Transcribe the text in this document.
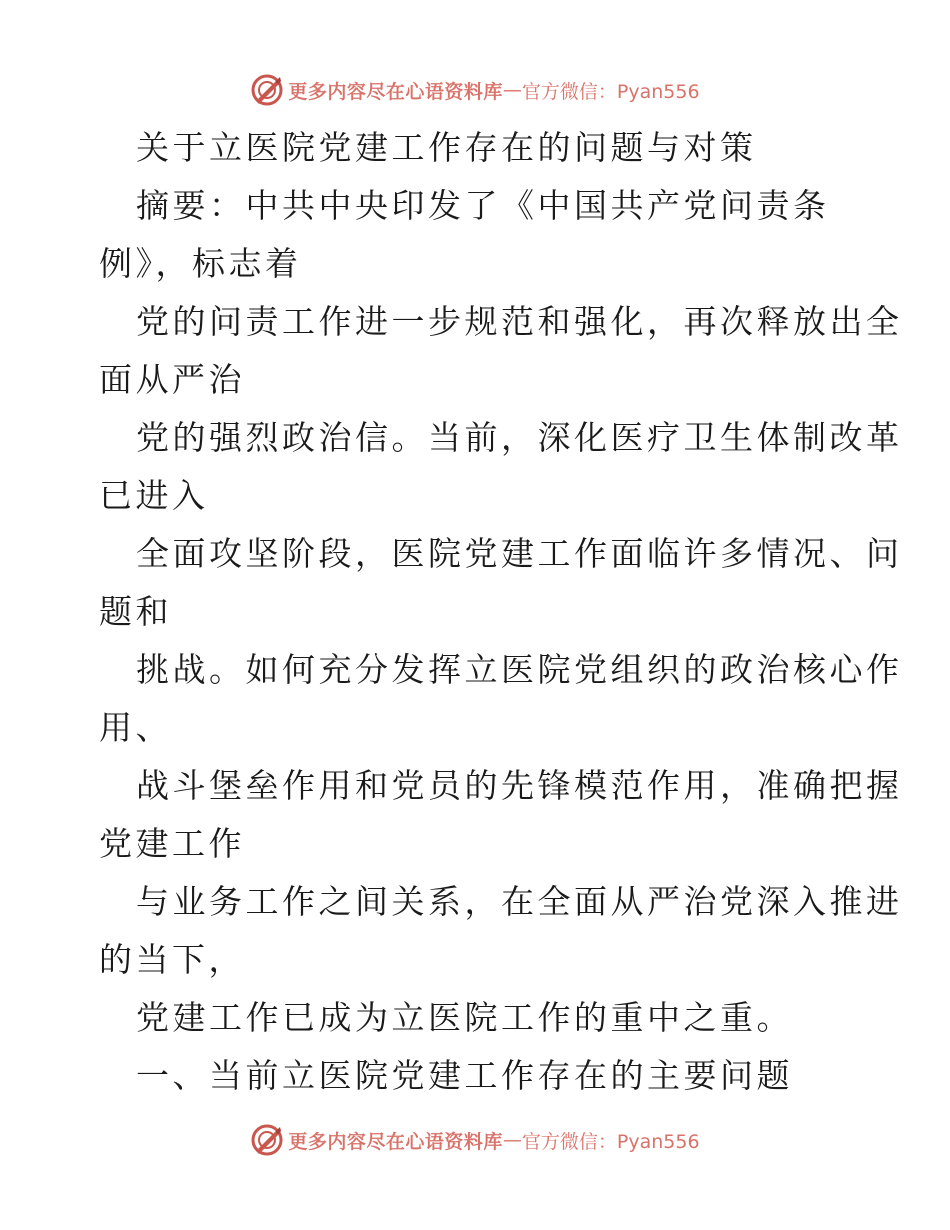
更多内容尽在心语资料库 — 官方微信：Pyan556
关于立医院党建工作存在的问题与对策
摘要：中共中央印发了《中国共产党问责条
例》，标志着
党的问责工作进一步规范和强化，再次释放出全
面从严治
党的强烈政治信。当前，深化医疗卫生体制改革
已进入
全面攻坚阶段，医院党建工作面临许多情况、问
题和
挑战。如何充分发挥立医院党组织的政治核心作
用、
战斗堡垒作用和党员的先锋模范作用，准确把握
党建工作
与业务工作之间关系，在全面从严治党深入推进
的当下，
党建工作已成为立医院工作的重中之重。
一、当前立医院党建工作存在的主要问题
更多内容尽在心语资料库 — 官方微信：Pyan556
